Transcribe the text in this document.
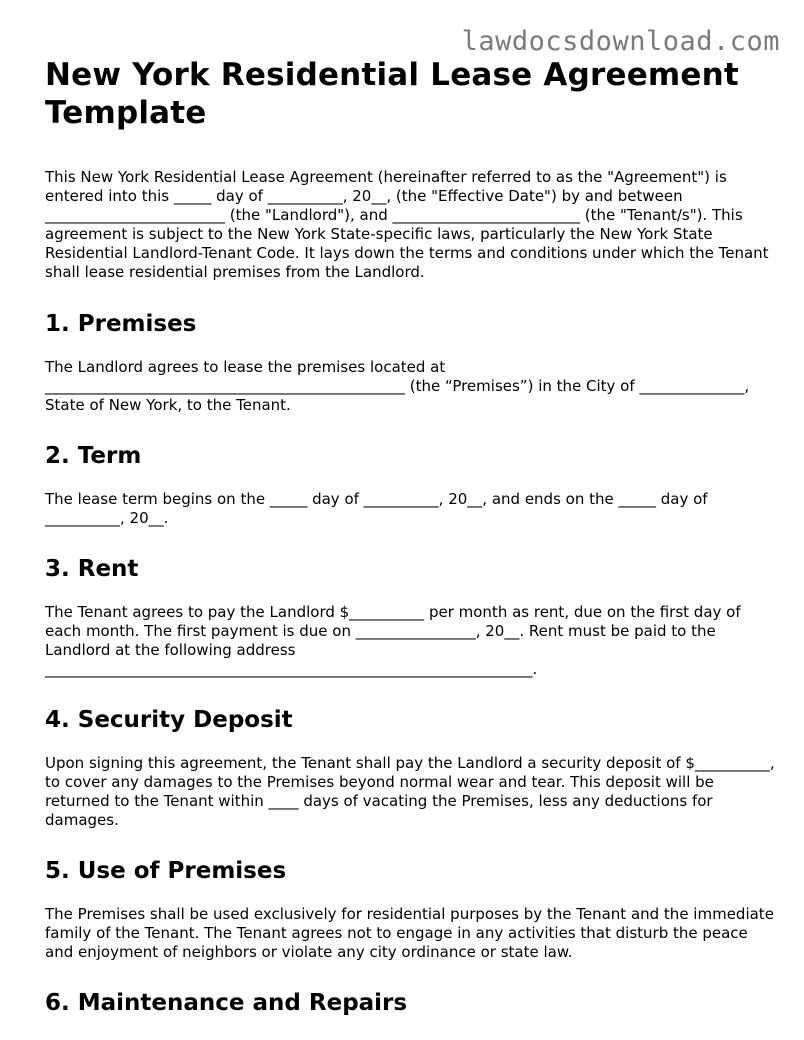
lawdocsdownload.com
New York Residential Lease Agreement Template

This New York Residential Lease Agreement (hereinafter referred to as the "Agreement") is entered into this _____ day of __________, 20__, (the "Effective Date") by and between ________________________ (the "Landlord"), and _________________________ (the "Tenant/s"). This agreement is subject to the New York State-specific laws, particularly the New York State Residential Landlord-Tenant Code. It lays down the terms and conditions under which the Tenant shall lease residential premises from the Landlord.

1. Premises

The Landlord agrees to lease the premises located at ________________________________________________ (the “Premises”) in the City of ______________, State of New York, to the Tenant.

2. Term

The lease term begins on the _____ day of __________, 20__, and ends on the _____ day of __________, 20__.

3. Rent

The Tenant agrees to pay the Landlord $__________ per month as rent, due on the first day of each month. The first payment is due on ________________, 20__. Rent must be paid to the Landlord at the following address _________________________________________________________________.

4. Security Deposit

Upon signing this agreement, the Tenant shall pay the Landlord a security deposit of $__________, to cover any damages to the Premises beyond normal wear and tear. This deposit will be returned to the Tenant within ____ days of vacating the Premises, less any deductions for damages.

5. Use of Premises

The Premises shall be used exclusively for residential purposes by the Tenant and the immediate family of the Tenant. The Tenant agrees not to engage in any activities that disturb the peace and enjoyment of neighbors or violate any city ordinance or state law.

6. Maintenance and Repairs
